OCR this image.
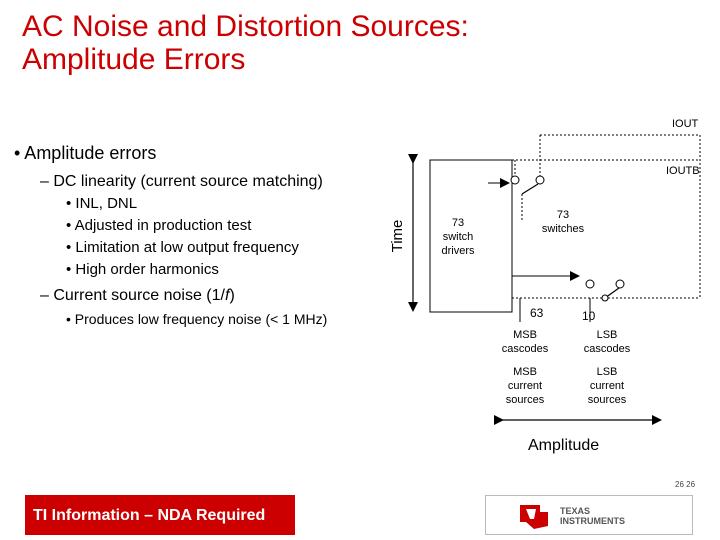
AC Noise and Distortion Sources:
Amplitude Errors
• Amplitude errors
– DC linearity (current source matching)
• INL, DNL
• Adjusted in production test
• Limitation at low output frequency
• High order harmonics
– Current source noise (1/f)
• Produces low frequency noise (< 1 MHz)
IOUT
IOUTB
Time	73
switch
drivers
73
switches
63	10
MSB
cascodes
LSB
cascodes
MSB
current
sources
LSB
current
sources
Amplitude
26 26
TI Information – NDA Required	TEXAS
INSTRUMENTS
